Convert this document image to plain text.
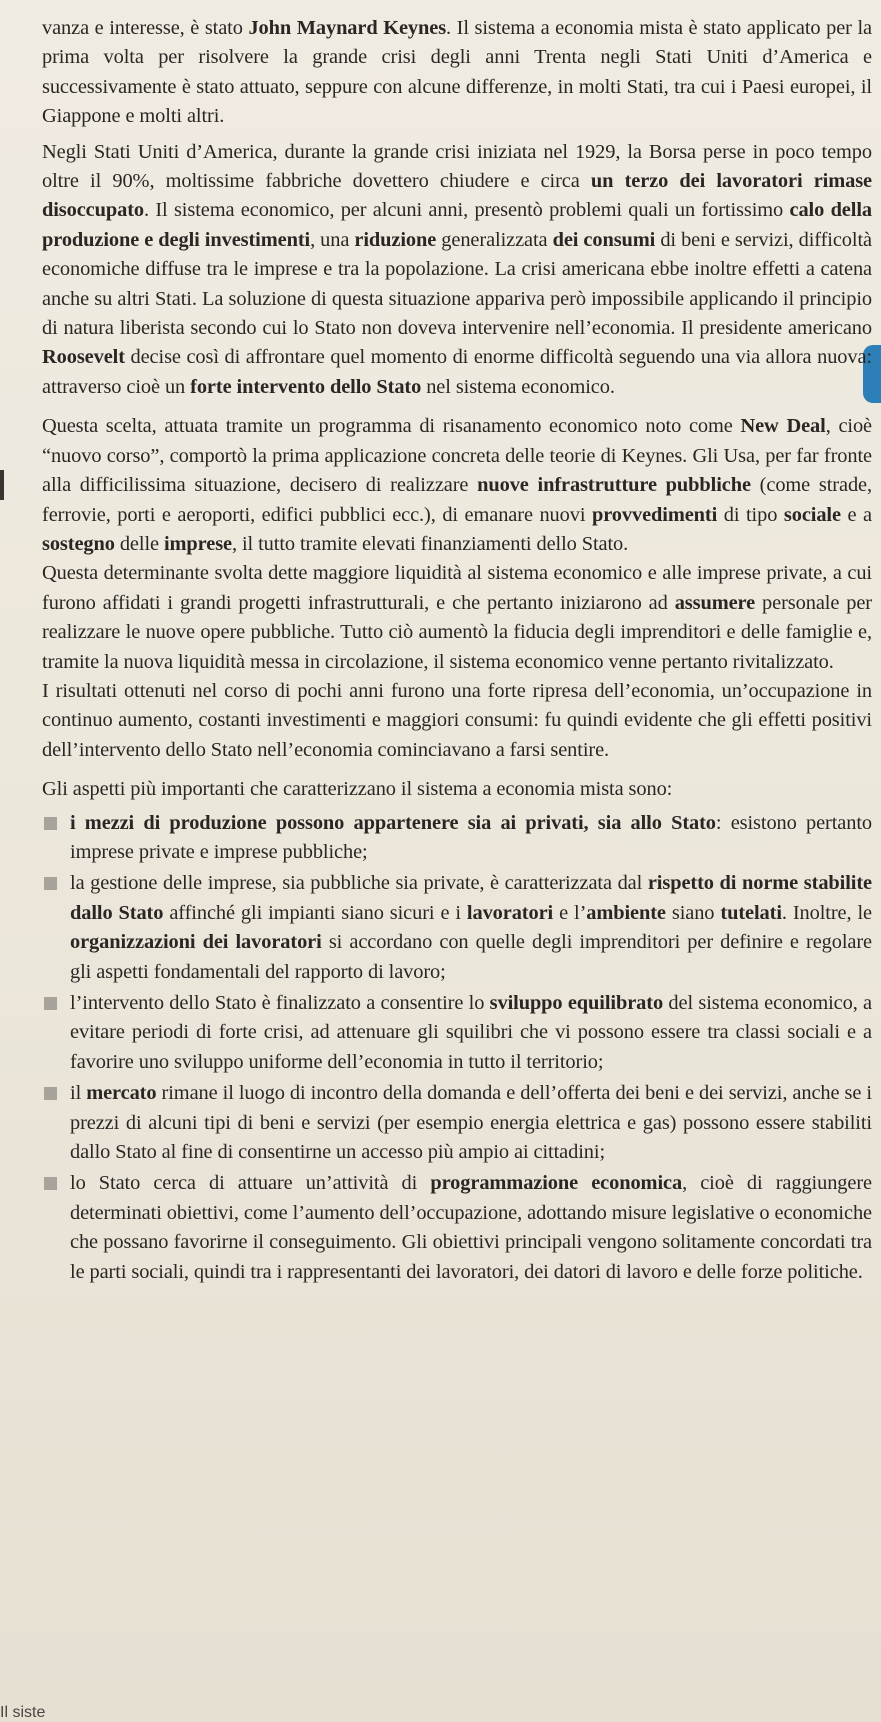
vanza e interesse, è stato John Maynard Keynes. Il sistema a economia mista è stato applicato per la prima volta per risolvere la grande crisi degli anni Trenta negli Stati Uniti d’America e successivamente è stato attuato, seppure con alcune differenze, in molti Stati, tra cui i Paesi europei, il Giappone e molti altri.

Negli Stati Uniti d’America, durante la grande crisi iniziata nel 1929, la Borsa perse in poco tempo oltre il 90%, moltissime fabbriche dovettero chiudere e circa un terzo dei lavoratori rimase disoccupato. Il sistema economico, per alcuni anni, presentò problemi quali un fortissimo calo della produzione e degli investimenti, una riduzione generalizzata dei consumi di beni e servizi, difficoltà economiche diffuse tra le imprese e tra la popolazione. La crisi americana ebbe inoltre effetti a catena anche su altri Stati. La soluzione di questa situazione appariva però impossibile applicando il principio di natura liberista secondo cui lo Stato non doveva intervenire nell’economia. Il presidente americano Roosevelt decise così di affrontare quel momento di enorme difficoltà seguendo una via allora nuova: attraverso cioè un forte intervento dello Stato nel sistema economico.

Questa scelta, attuata tramite un programma di risanamento economico noto come New Deal, cioè “nuovo corso”, comportò la prima applicazione concreta delle teorie di Keynes. Gli Usa, per far fronte alla difficilissima situazione, decisero di realizzare nuove infrastrutture pubbliche (come strade, ferrovie, porti e aeroporti, edifici pubblici ecc.), di emanare nuovi provvedimenti di tipo sociale e a sostegno delle imprese, il tutto tramite elevati finanziamenti dello Stato.

Questa determinante svolta dette maggiore liquidità al sistema economico e alle imprese private, a cui furono affidati i grandi progetti infrastrutturali, e che pertanto iniziarono ad assumere personale per realizzare le nuove opere pubbliche. Tutto ciò aumentò la fiducia degli imprenditori e delle famiglie e, tramite la nuova liquidità messa in circolazione, il sistema economico venne pertanto rivitalizzato.

I risultati ottenuti nel corso di pochi anni furono una forte ripresa dell’economia, un’occupazione in continuo aumento, costanti investimenti e maggiori consumi: fu quindi evidente che gli effetti positivi dell’intervento dello Stato nell’economia cominciavano a farsi sentire.

Gli aspetti più importanti che caratterizzano il sistema a economia mista sono:

i mezzi di produzione possono appartenere sia ai privati, sia allo Stato: esistono pertanto imprese private e imprese pubbliche;
la gestione delle imprese, sia pubbliche sia private, è caratterizzata dal rispetto di norme stabilite dallo Stato affinché gli impianti siano sicuri e i lavoratori e l’ambiente siano tutelati. Inoltre, le organizzazioni dei lavoratori si accordano con quelle degli imprenditori per definire e regolare gli aspetti fondamentali del rapporto di lavoro;
l’intervento dello Stato è finalizzato a consentire lo sviluppo equilibrato del sistema economico, a evitare periodi di forte crisi, ad attenuare gli squilibri che vi possono essere tra classi sociali e a favorire uno sviluppo uniforme dell’economia in tutto il territorio;
il mercato rimane il luogo di incontro della domanda e dell’offerta dei beni e dei servizi, anche se i prezzi di alcuni tipi di beni e servizi (per esempio energia elettrica e gas) possono essere stabiliti dallo Stato al fine di consentirne un accesso più ampio ai cittadini;
lo Stato cerca di attuare un’attività di programmazione economica, cioè di raggiungere determinati obiettivi, come l’aumento dell’occupazione, adottando misure legislative o economiche che possano favorirne il conseguimento. Gli obiettivi principali vengono solitamente concordati tra le parti sociali, quindi tra i rappresentanti dei lavoratori, dei datori di lavoro e delle forze politiche.
Il siste
